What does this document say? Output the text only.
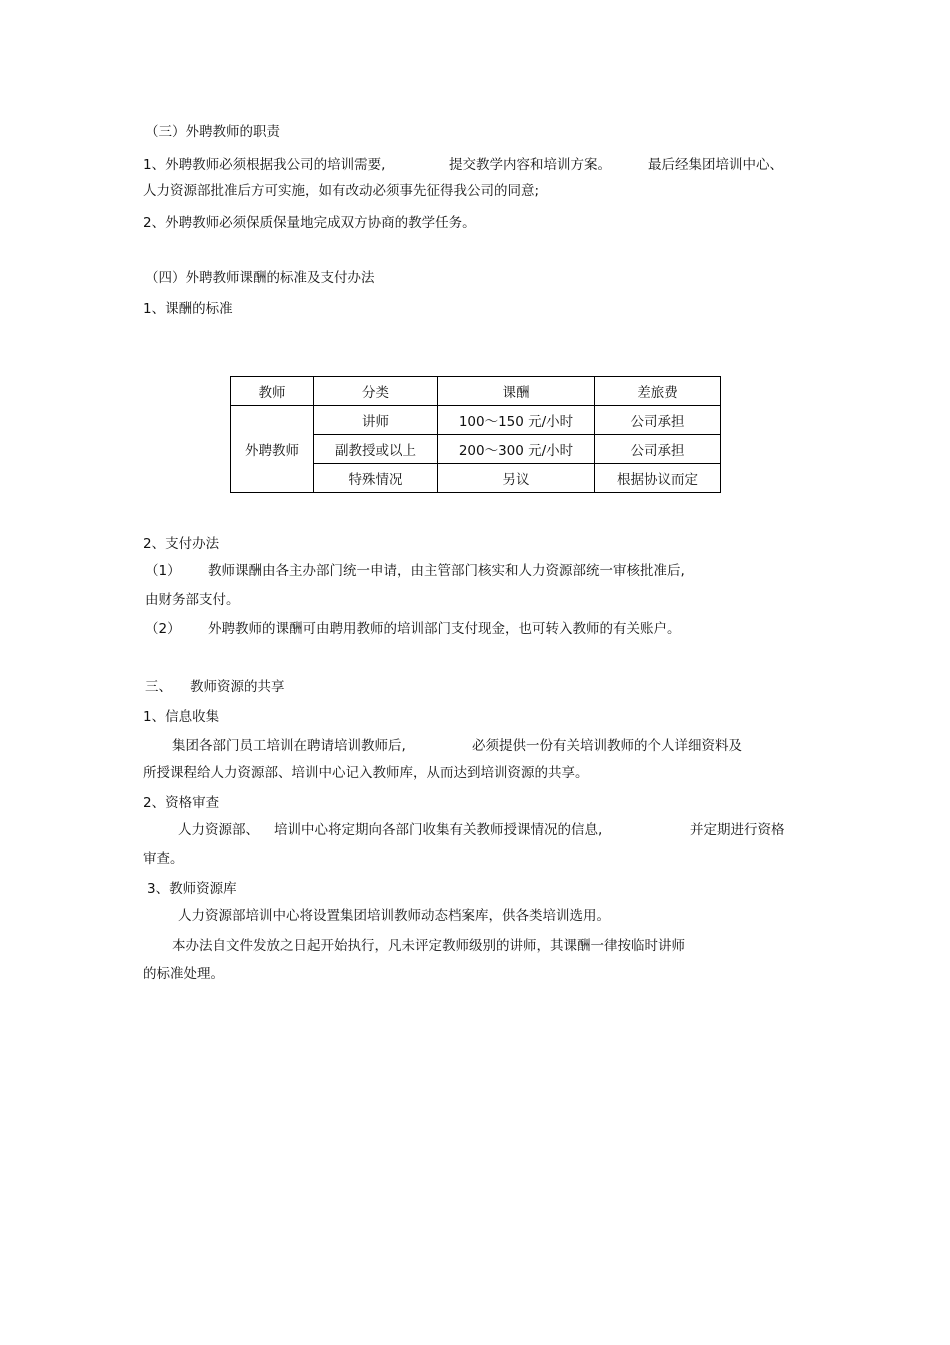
（三）外聘教师的职责
1、外聘教师必须根据我公司的培训需要,	提交教学内容和培训方案。	最后经集团培训中心、
人力资源部批准后方可实施，如有改动必须事先征得我公司的同意;
2、外聘教师必须保质保量地完成双方协商的教学任务。
（四）外聘教师课酬的标准及支付办法
1、课酬的标准
教师	分类	课酬	差旅费
外聘教师	讲师	100～150 元/小时	公司承担
	副教授或以上	200～300 元/小时	公司承担
	特殊情况	另议	根据协议而定
2、支付办法
（1） 教师课酬由各主办部门统一申请，由主管部门核实和人力资源部统一审核批准后,
由财务部支付。
（2） 外聘教师的课酬可由聘用教师的培训部门支付现金，也可转入教师的有关账户。
三、 教师资源的共享
1、信息收集
集团各部门员工培训在聘请培训教师后,	必须提供一份有关培训教师的个人详细资料及
所授课程给人力资源部、培训中心记入教师库，从而达到培训资源的共享。
2、资格审查
人力资源部、 培训中心将定期向各部门收集有关教师授课情况的信息,	并定期进行资格
审查。
3、教师资源库
人力资源部培训中心将设置集团培训教师动态档案库，供各类培训选用。
本办法自文件发放之日起开始执行，凡未评定教师级别的讲师，其课酬一律按临时讲师
的标准处理。
